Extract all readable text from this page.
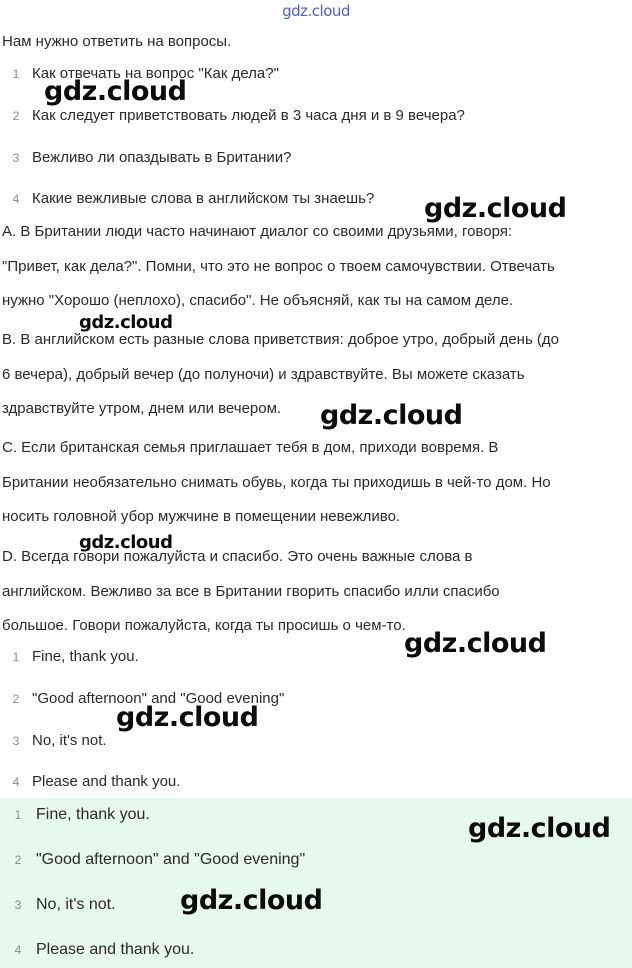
gdz.cloud
Нам нужно ответить на вопросы.
1 Как отвечать на вопрос "Как дела?"
2 Как следует приветствовать людей в 3 часа дня и в 9 вечера?
3 Вежливо ли опаздывать в Британии?
4 Какие вежливые слова в английском ты знаешь?

A. В Британии люди часто начинают диалог со своими друзьями, говоря:

"Привет, как дела?". Помни, что это не вопрос о твоем самочувствии. Отвечать

нужно "Хорошо (неплохо), спасибо". Не объясняй, как ты на самом деле.

B. В английском есть разные слова приветствия: доброе утро, добрый день (до

6 вечера), добрый вечер (до полуночи) и здравствуйте. Вы можете сказать

здравствуйте утром, днем или вечером.

C. Если британская семья приглашает тебя в дом, приходи вовремя. В

Британии необязательно снимать обувь, когда ты приходишь в чей-то дом. Но

носить головной убор мужчине в помещении невежливо.

D. Всегда говори пожалуйста и спасибо. Это очень важные слова в

английском. Вежливо за все в Британии гворить спасибо илли спасибо

большое. Говори пожалуйста, когда ты просишь о чем-то.

1 Fine, thank you.
2 "Good afternoon" and "Good evening"
3 No, it's not.
4 Please and thank you.
1 Fine, thank you.
2 "Good afternoon" and "Good evening"
3 No, it's not.
4 Please and thank you.
gdz.cloud
gdz.cloud
gdz.cloud
gdz.cloud
gdz.cloud
gdz.cloud
gdz.cloud
gdz.cloud
gdz.cloud
